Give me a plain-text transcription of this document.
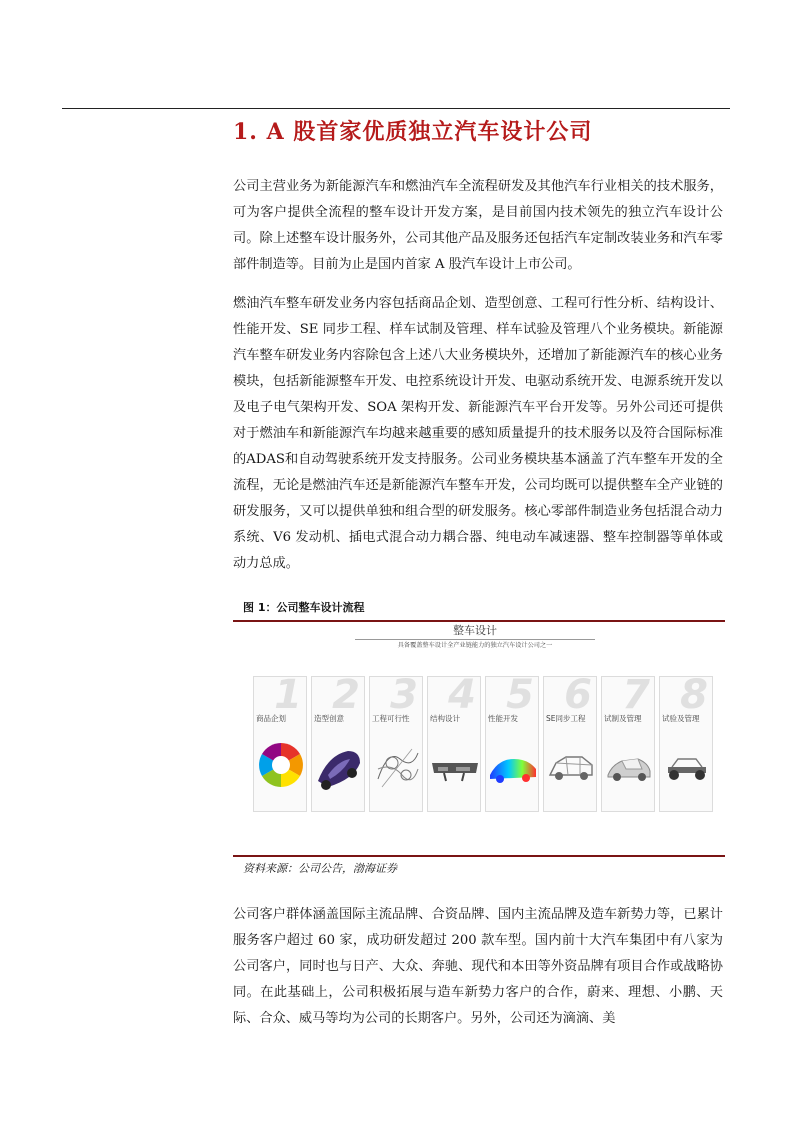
1. A 股首家优质独立汽车设计公司

公司主营业务为新能源汽车和燃油汽车全流程研发及其他汽车行业相关的技术服务，可为客户提供全流程的整车设计开发方案，是目前国内技术领先的独立汽车设计公司。除上述整车设计服务外，公司其他产品及服务还包括汽车定制改装业务和汽车零部件制造等。目前为止是国内首家 A 股汽车设计上市公司。

燃油汽车整车研发业务内容包括商品企划、造型创意、工程可行性分析、结构设计、性能开发、SE 同步工程、样车试制及管理、样车试验及管理八个业务模块。新能源汽车整车研发业务内容除包含上述八大业务模块外，还增加了新能源汽车的核心业务模块，包括新能源整车开发、电控系统设计开发、电驱动系统开发、电源系统开发以及电子电气架构开发、SOA 架构开发、新能源汽车平台开发等。另外公司还可提供对于燃油车和新能源汽车均越来越重要的感知质量提升的技术服务以及符合国际标准的ADAS和自动驾驶系统开发支持服务。公司业务模块基本涵盖了汽车整车开发的全流程，无论是燃油汽车还是新能源汽车整车开发，公司均既可以提供整车全产业链的研发服务，又可以提供单独和组合型的研发服务。核心零部件制造业务包括混合动力系统、V6 发动机、插电式混合动力耦合器、纯电动车减速器、整车控制器等单体或动力总成。

图 1：公司整车设计流程
整车设计
具备覆盖整车设计全产业链能力的独立汽车设计公司之一
1
商品企划
2
造型创意
3
工程可行性
4
结构设计
5
性能开发
6
SE同步工程
7
试制及管理
8
试验及管理
资料来源：公司公告，渤海证券

公司客户群体涵盖国际主流品牌、合资品牌、国内主流品牌及造车新势力等，已累计服务客户超过 60 家，成功研发超过 200 款车型。国内前十大汽车集团中有八家为公司客户，同时也与日产、大众、奔驰、现代和本田等外资品牌有项目合作或战略协同。在此基础上，公司积极拓展与造车新势力客户的合作，蔚来、理想、小鹏、天际、合众、威马等均为公司的长期客户。另外，公司还为滴滴、美
